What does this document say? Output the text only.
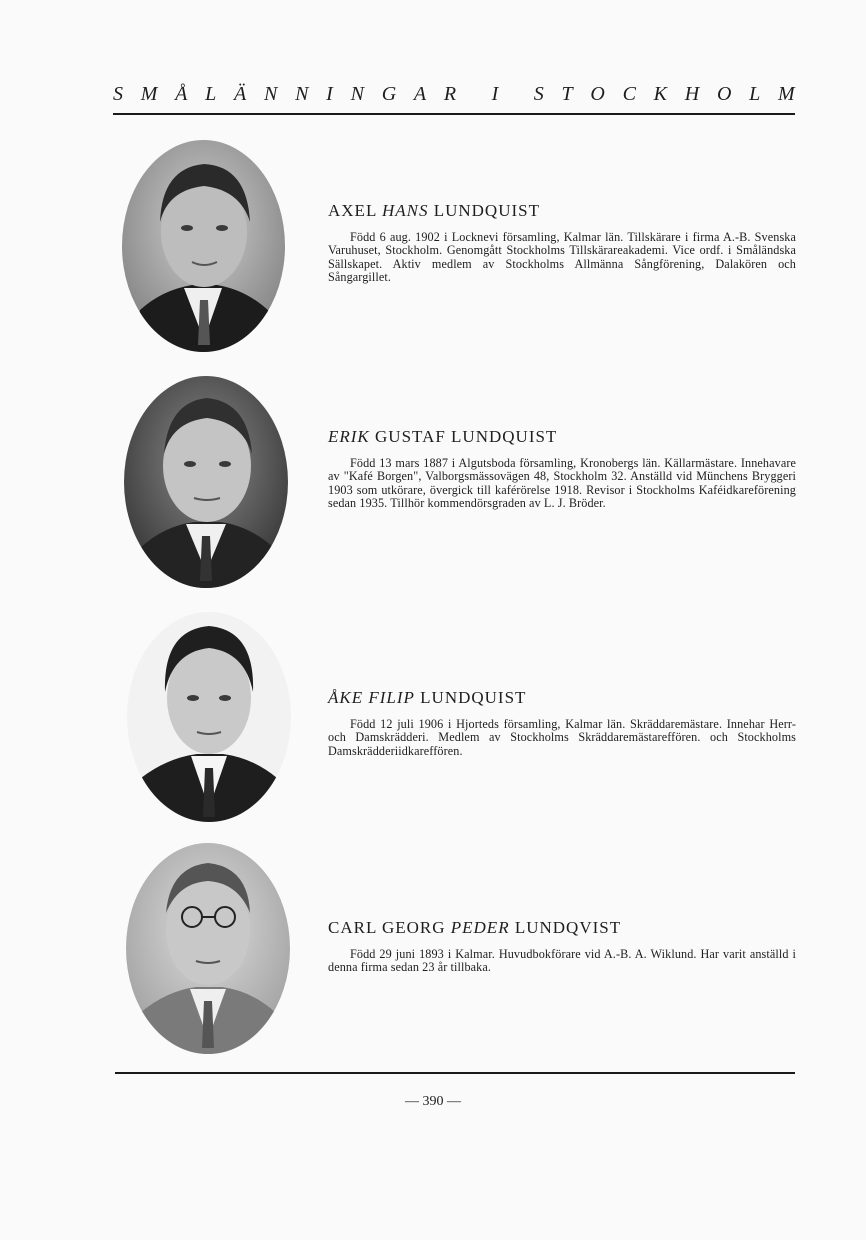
S M Å L Ä N N I N G A R I S T O C K H O L M

AXEL HANS LUNDQUIST

Född 6 aug. 1902 i Locknevi församling, Kalmar län. Tillskärare i firma A.-B. Svenska Varuhuset, Stockholm. Genomgått Stockholms Tillskärareakademi. Vice ordf. i Småländska Sällskapet. Aktiv medlem av Stockholms Allmänna Sångförening, Dalakören och Sångargillet.

ERIK GUSTAF LUNDQUIST

Född 13 mars 1887 i Algutsboda församling, Kronobergs län. Källarmästare. Innehavare av "Kafé Borgen", Valborgsmässovägen 48, Stockholm 32. Anställd vid Münchens Bryggeri 1903 som utkörare, övergick till kaférörelse 1918. Revisor i Stockholms Kaféidkareförening sedan 1935. Tillhör kommendörsgraden av L. J. Bröder.

ÅKE FILIP LUNDQUIST

Född 12 juli 1906 i Hjorteds församling, Kalmar län. Skräddaremästare. Innehar Herr- och Damskrädderi. Medlem av Stockholms Skräddaremästareffören. och Stockholms Damskrädderiidkareffören.

CARL GEORG PEDER LUNDQVIST

Född 29 juni 1893 i Kalmar. Huvudbokförare vid A.-B. A. Wiklund. Har varit anställd i denna firma sedan 23 år tillbaka.

— 390 —
